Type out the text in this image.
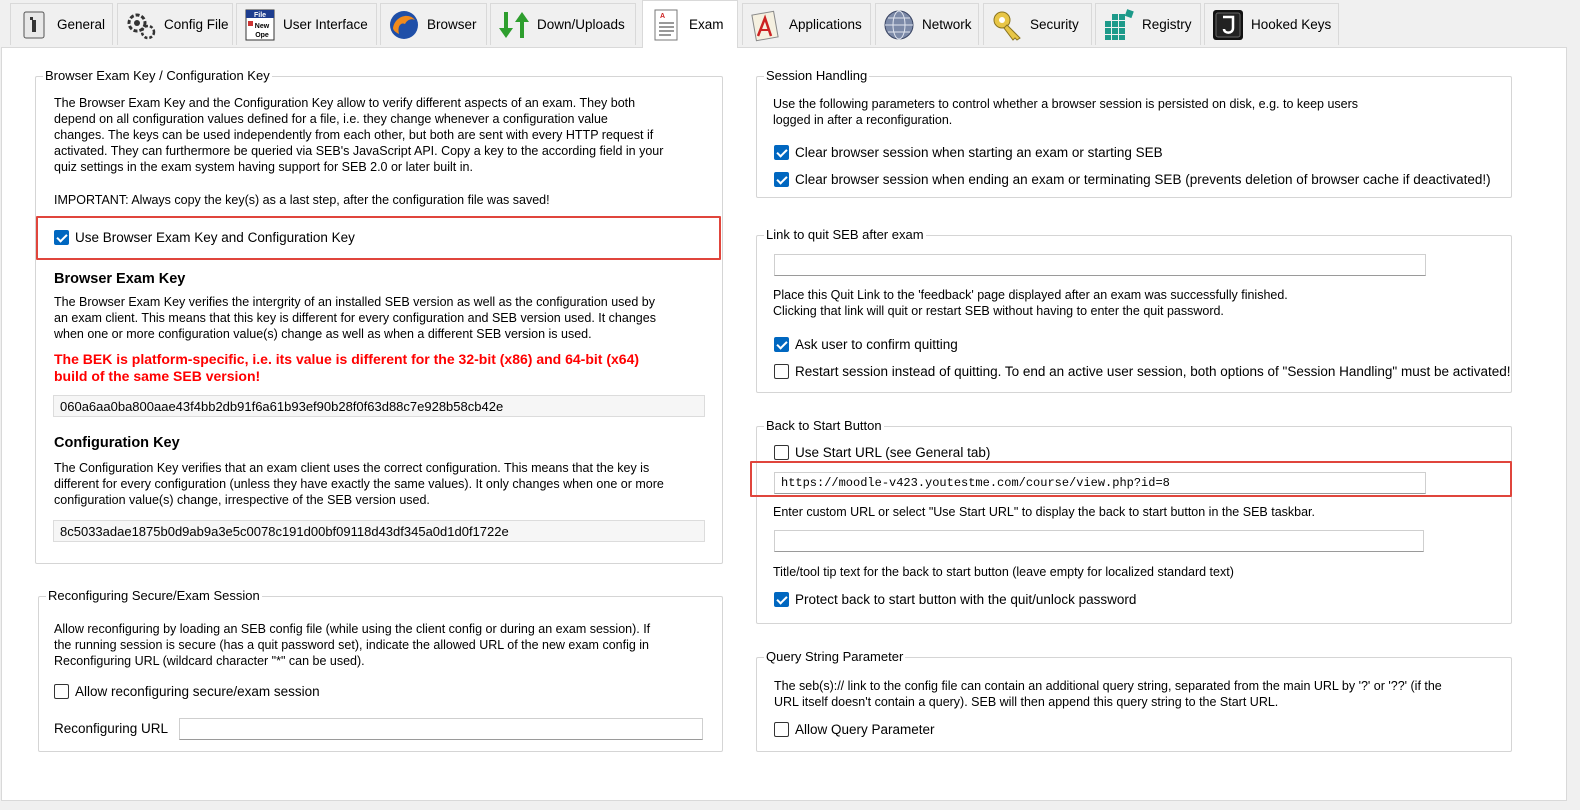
General	Config File
File
New
Ope
User Interface	Browser	Down/Uploads
A
Exam	Applications	Network	Security	Registry	Hooked Keys
Browser Exam Key / Configuration Key
The Browser Exam Key and the Configuration Key allow to verify different aspects of an exam. They both
depend on all configuration values defined for a file, i.e. they change whenever a configuration value
changes. The keys can be used independently from each other, but both are sent with every HTTP request if
activated. They can furthermore be queried via SEB's JavaScript API. Copy a key to the according field in your
quiz settings in the exam system having support for SEB 2.0 or later built in.
IMPORTANT: Always copy the key(s) as a last step, after the configuration file was saved!
Use Browser Exam Key and Configuration Key
Browser Exam Key
The Browser Exam Key verifies the intergrity of an installed SEB version as well as the configuration used by
an exam client. This means that this key is different for every configuration and SEB version used. It changes
when one or more configuration value(s) change as well as when a different SEB version is used.
The BEK is platform-specific, i.e. its value is different for the 32-bit (x86) and 64-bit (x64)
build of the same SEB version!
060a6aa0ba800aae43f4bb2db91f6a61b93ef90b28f0f63d88c7e928b58cb42e
Configuration Key
The Configuration Key verifies that an exam client uses the correct configuration. This means that the key is
different for every configuration (unless they have exactly the same values). It only changes when one or more
configuration value(s) change, irrespective of the SEB version used.
8c5033adae1875b0d9ab9a3e5c0078c191d00bf09118d43df345a0d1d0f1722e
Reconfiguring Secure/Exam Session
Allow reconfiguring by loading an SEB config file (while using the client config or during an exam session). If
the running session is secure (has a quit password set), indicate the allowed URL of the new exam config in
Reconfiguring URL (wildcard character "*" can be used).
Allow reconfiguring secure/exam session
Reconfiguring URL
Session Handling
Use the following parameters to control whether a browser session is persisted on disk, e.g. to keep users
logged in after a reconfiguration.
Clear browser session when starting an exam or starting SEB
Clear browser session when ending an exam or terminating SEB (prevents deletion of browser cache if deactivated!)
Link to quit SEB after exam
Place this Quit Link to the 'feedback' page displayed after an exam was successfully finished.
Clicking that link will quit or restart SEB without having to enter the quit password.
Ask user to confirm quitting
Restart session instead of quitting. To end an active user session, both options of "Session Handling" must be activated!
Back to Start Button
Use Start URL (see General tab)
https://moodle-v423.youtestme.com/course/view.php?id=8
Enter custom URL or select "Use Start URL" to display the back to start button in the SEB taskbar.
Title/tool tip text for the back to start button (leave empty for localized standard text)
Protect back to start button with the quit/unlock password
Query String Parameter
The seb(s):// link to the config file can contain an additional query string, separated from the main URL by '?' or '??' (if the
URL itself doesn't contain a query). SEB will then append this query string to the Start URL.
Allow Query Parameter
